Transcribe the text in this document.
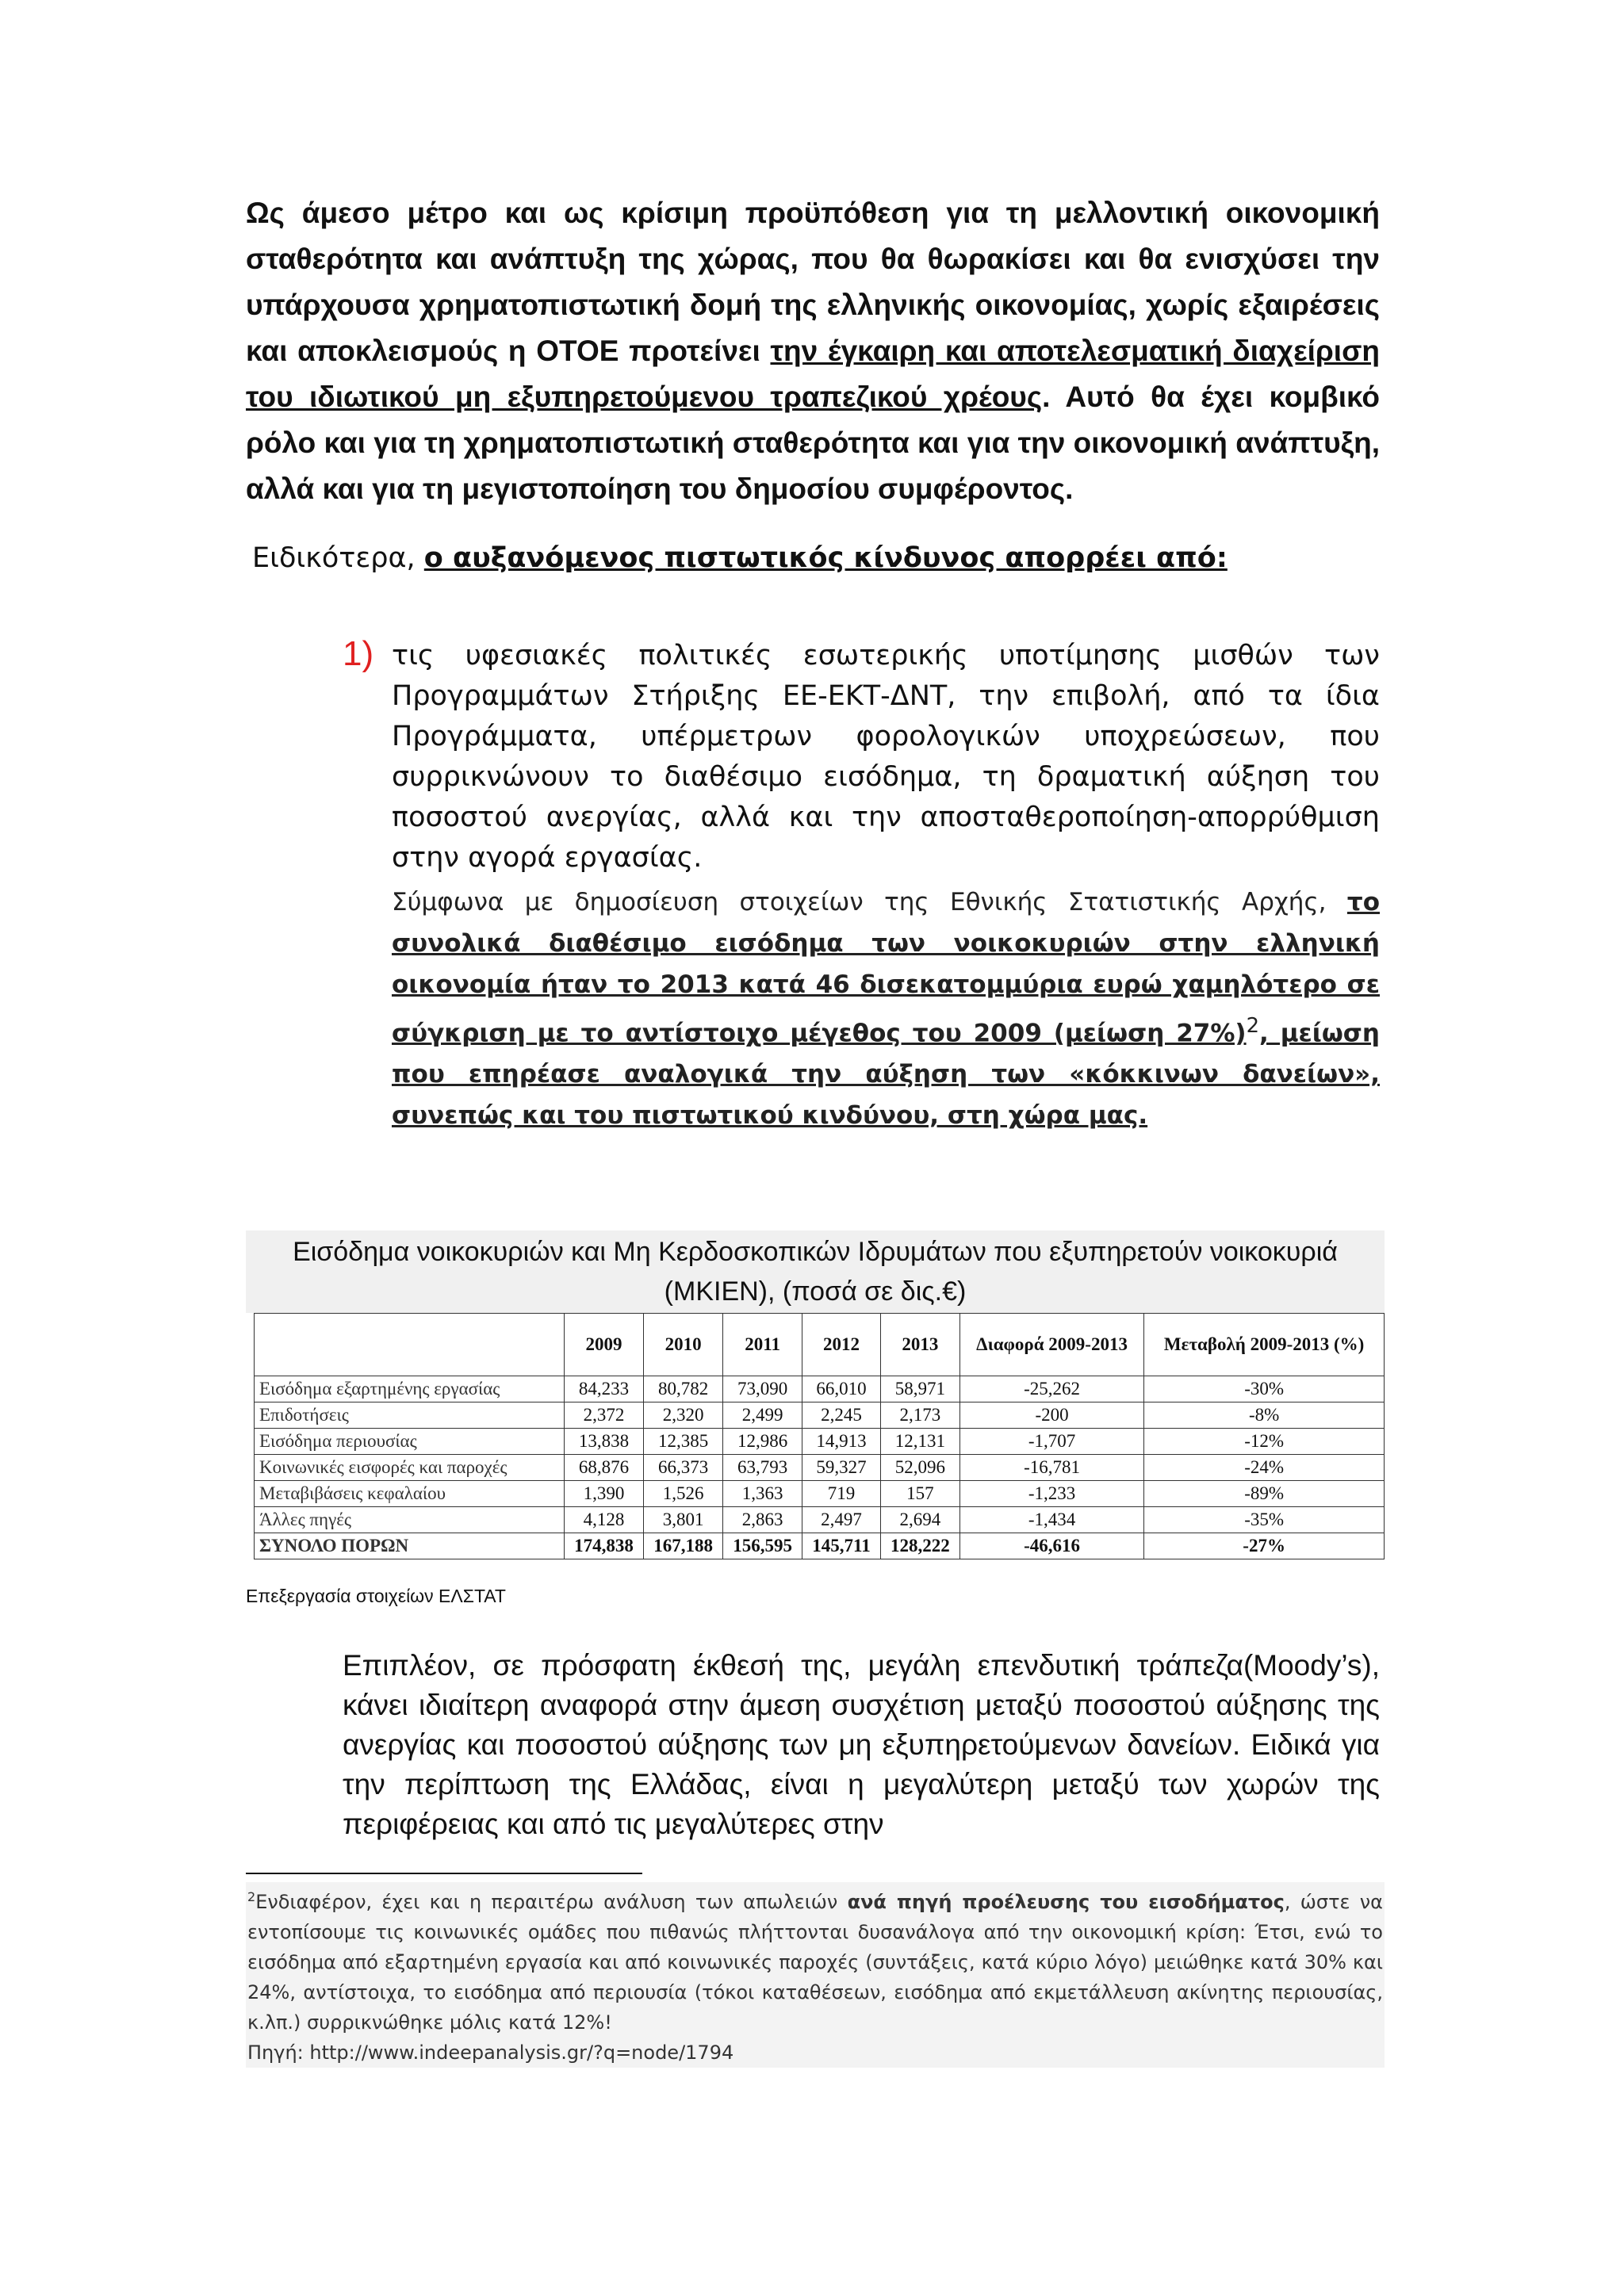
Ως άμεσο μέτρο και ως κρίσιμη προϋπόθεση για τη μελλοντική οικονομική σταθερότητα και ανάπτυξη της χώρας, που θα θωρακίσει και θα ενισχύσει την υπάρχουσα χρηματοπιστωτική δομή της ελληνικής οικονομίας, χωρίς εξαιρέσεις και αποκλεισμούς η ΟΤΟΕ προτείνει την έγκαιρη και αποτελεσματική διαχείριση του ιδιωτικού μη εξυπηρετούμενου τραπεζικού χρέους. Αυτό θα έχει κομβικό ρόλο και για τη χρηματοπιστωτική σταθερότητα και για την οικονομική ανάπτυξη, αλλά και για τη μεγιστοποίηση του δημοσίου συμφέροντος.

Ειδικότερα, ο αυξανόμενος πιστωτικός κίνδυνος απορρέει από:

1) τις υφεσιακές πολιτικές εσωτερικής υποτίμησης μισθών των Προγραμμάτων Στήριξης ΕΕ-ΕΚΤ-ΔΝΤ, την επιβολή, από τα ίδια Προγράμματα, υπέρμετρων φορολογικών υποχρεώσεων, που συρρικνώνουν το διαθέσιμο εισόδημα, τη δραματική αύξηση του ποσοστού ανεργίας, αλλά και την αποσταθεροποίηση-απορρύθμιση στην αγορά εργασίας.

Σύμφωνα με δημοσίευση στοιχείων της Εθνικής Στατιστικής Αρχής, το συνολικά διαθέσιμο εισόδημα των νοικοκυριών στην ελληνική οικονομία ήταν το 2013 κατά 46 δισεκατομμύρια ευρώ χαμηλότερο σε σύγκριση με το αντίστοιχο μέγεθος του 2009 (μείωση 27%)$^2$, μείωση που επηρέασε αναλογικά την αύξηση των «κόκκινων δανείων», συνεπώς και του πιστωτικού κινδύνου, στη χώρα μας.

Εισόδημα νοικοκυριών και Μη Κερδοσκοπικών Ιδρυμάτων που εξυπηρετούν νοικοκυριά (ΜΚΙΕΝ), (ποσά σε δις.€)
	2009	2010	2011	2012	2013	Διαφορά 2009-2013	Μεταβολή 2009-2013 (%)
Εισόδημα εξαρτημένης εργασίας	84,233	80,782	73,090	66,010	58,971	-25,262	-30%
Επιδοτήσεις	2,372	2,320	2,499	2,245	2,173	-200	-8%
Εισόδημα περιουσίας	13,838	12,385	12,986	14,913	12,131	-1,707	-12%
Κοινωνικές εισφορές και παροχές	68,876	66,373	63,793	59,327	52,096	-16,781	-24%
Μεταβιβάσεις κεφαλαίου	1,390	1,526	1,363	719	157	-1,233	-89%
Άλλες πηγές	4,128	3,801	2,863	2,497	2,694	-1,434	-35%
ΣΥΝΟΛΟ ΠΟΡΩΝ	174,838	167,188	156,595	145,711	128,222	-46,616	-27%
Επεξεργασία στοιχείων ΕΛΣΤΑΤ

Επιπλέον, σε πρόσφατη έκθεσή της, μεγάλη επενδυτική τράπεζα(Moody’s), κάνει ιδιαίτερη αναφορά στην άμεση συσχέτιση μεταξύ ποσοστού αύξησης της ανεργίας και ποσοστού αύξησης των μη εξυπηρετούμενων δανείων. Ειδικά για την περίπτωση της Ελλάδας, είναι η μεγαλύτερη μεταξύ των χωρών της περιφέρειας και από τις μεγαλύτερες στην

$^2$Ενδιαφέρον, έχει και η περαιτέρω ανάλυση των απωλειών ανά πηγή προέλευσης του εισοδήματος, ώστε να εντοπίσουμε τις κοινωνικές ομάδες που πιθανώς πλήττονται δυσανάλογα από την οικονομική κρίση: Έτσι, ενώ το εισόδημα από εξαρτημένη εργασία και από κοινωνικές παροχές (συντάξεις, κατά κύριο λόγο) μειώθηκε κατά 30% και 24%, αντίστοιχα, το εισόδημα από περιουσία (τόκοι καταθέσεων, εισόδημα από εκμετάλλευση ακίνητης περιουσίας, κ.λπ.) συρρικνώθηκε μόλις κατά 12%!
Πηγή: http://www.indeepanalysis.gr/?q=node/1794
